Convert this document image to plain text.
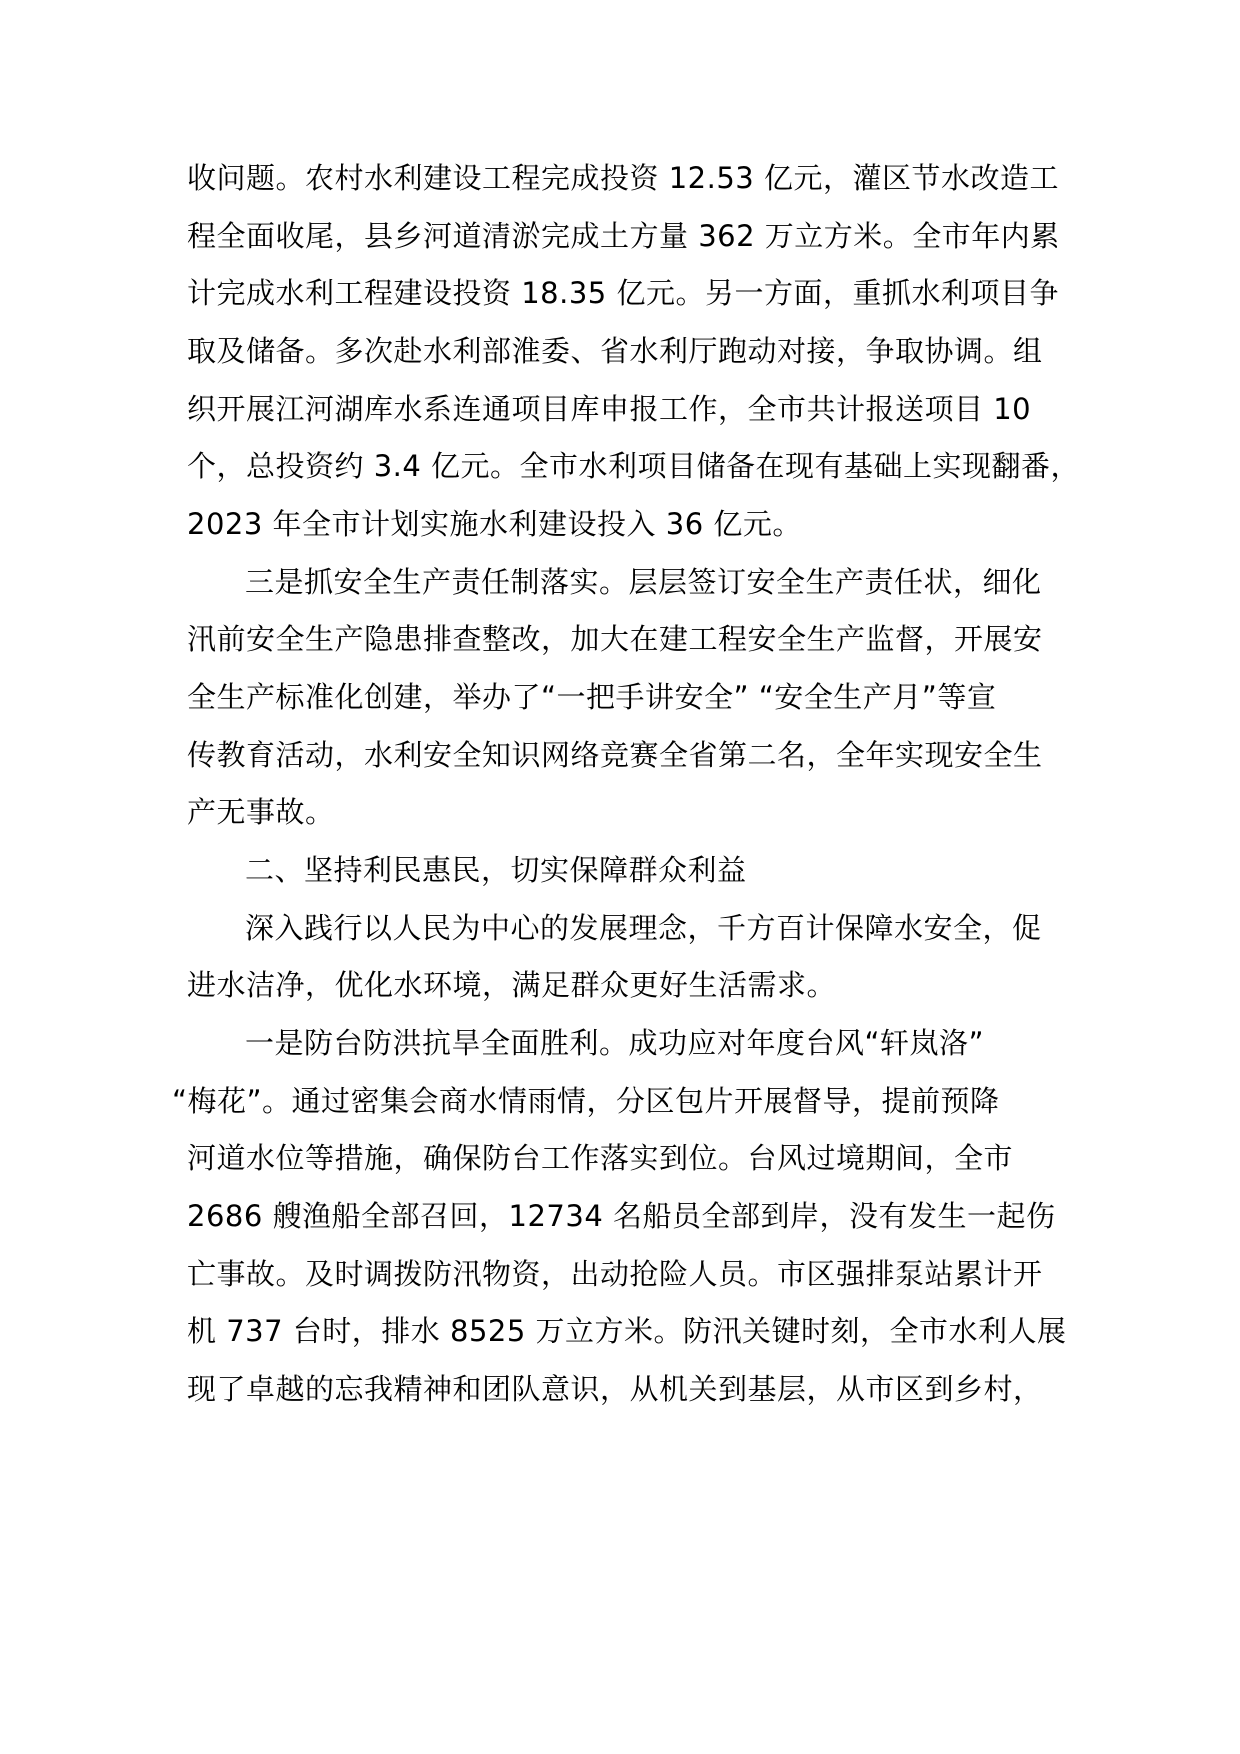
收问题。农村水利建设工程完成投资 12.53 亿元，灌区节水改造工
程全面收尾，县乡河道清淤完成土方量 362 万立方米。全市年内累
计完成水利工程建设投资 18.35 亿元。另一方面，重抓水利项目争
取及储备。多次赴水利部淮委、省水利厅跑动对接，争取协调。组
织开展江河湖库水系连通项目库申报工作，全市共计报送项目 10
个，总投资约 3.4 亿元。全市水利项目储备在现有基础上实现翻番，
2023 年全市计划实施水利建设投入 36 亿元。
三是抓安全生产责任制落实。层层签订安全生产责任状，细化
汛前安全生产隐患排查整改，加大在建工程安全生产监督，开展安
全生产标准化创建，举办了“一把手讲安全” “安全生产月”等宣
传教育活动，水利安全知识网络竞赛全省第二名，全年实现安全生
产无事故。
二、坚持利民惠民，切实保障群众利益
深入践行以人民为中心的发展理念，千方百计保障水安全，促
进水洁净，优化水环境，满足群众更好生活需求。
一是防台防洪抗旱全面胜利。成功应对年度台风“轩岚洛”
“梅花”。通过密集会商水情雨情，分区包片开展督导，提前预降
河道水位等措施，确保防台工作落实到位。台风过境期间，全市
2686 艘渔船全部召回，12734 名船员全部到岸，没有发生一起伤
亡事故。及时调拨防汛物资，出动抢险人员。市区强排泵站累计开
机 737 台时，排水 8525 万立方米。防汛关键时刻，全市水利人展
现了卓越的忘我精神和团队意识，从机关到基层，从市区到乡村，
